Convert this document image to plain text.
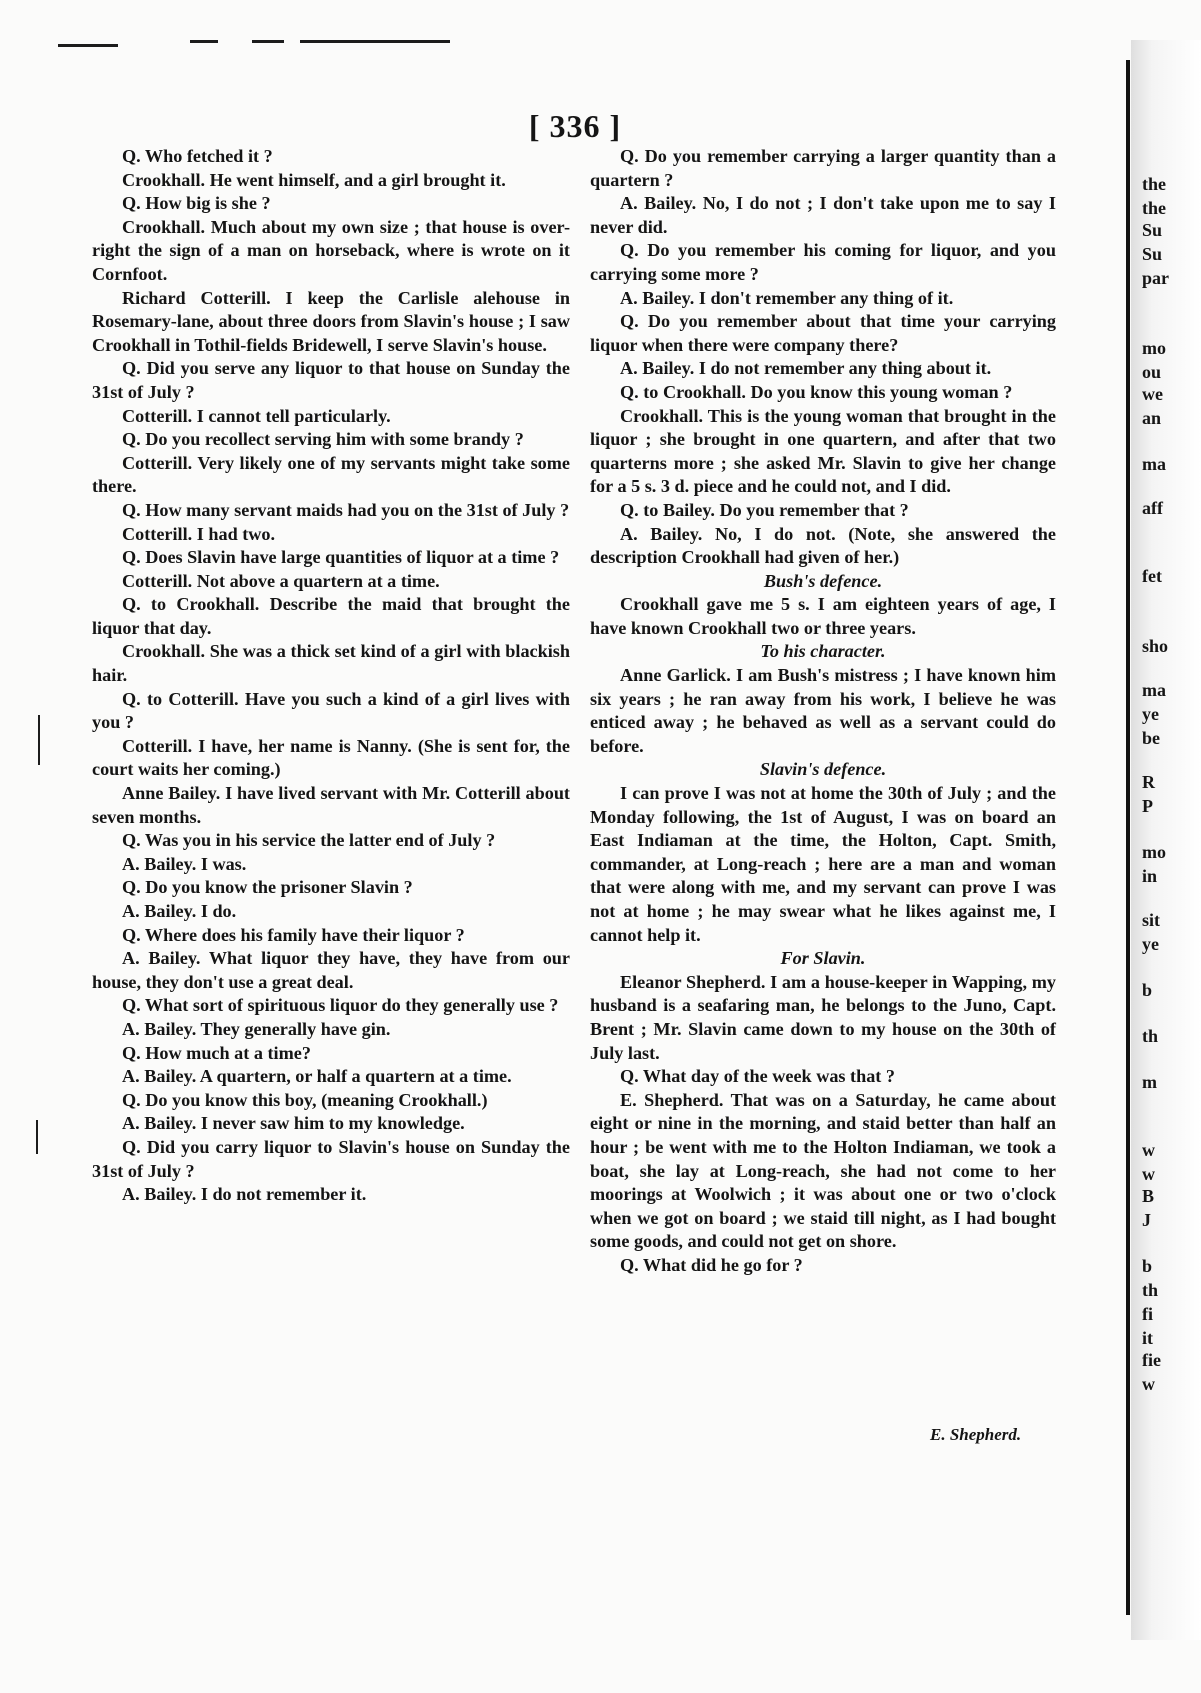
[ 336 ]

Q. Who fetched it ?

Crookhall. He went himself, and a girl brought it.

Q. How big is she ?

Crookhall. Much about my own size ; that house is over-right the sign of a man on horseback, where is wrote on it Cornfoot.

Richard Cotterill. I keep the Carlisle alehouse in Rosemary-lane, about three doors from Slavin's house ; I saw Crookhall in Tothil-fields Bridewell, I serve Slavin's house.

Q. Did you serve any liquor to that house on Sunday the 31st of July ?

Cotterill. I cannot tell particularly.

Q. Do you recollect serving him with some brandy ?

Cotterill. Very likely one of my servants might take some there.

Q. How many servant maids had you on the 31st of July ?

Cotterill. I had two.

Q. Does Slavin have large quantities of liquor at a time ?

Cotterill. Not above a quartern at a time.

Q. to Crookhall. Describe the maid that brought the liquor that day.

Crookhall. She was a thick set kind of a girl with blackish hair.

Q. to Cotterill. Have you such a kind of a girl lives with you ?

Cotterill. I have, her name is Nanny. (She is sent for, the court waits her coming.)

Anne Bailey. I have lived servant with Mr. Cotterill about seven months.

Q. Was you in his service the latter end of July ?

A. Bailey. I was.

Q. Do you know the prisoner Slavin ?

A. Bailey. I do.

Q. Where does his family have their liquor ?

A. Bailey. What liquor they have, they have from our house, they don't use a great deal.

Q. What sort of spirituous liquor do they generally use ?

A. Bailey. They generally have gin.

Q. How much at a time?

A. Bailey. A quartern, or half a quartern at a time.

Q. Do you know this boy, (meaning Crookhall.)

A. Bailey. I never saw him to my knowledge.

Q. Did you carry liquor to Slavin's house on Sunday the 31st of July ?

A. Bailey. I do not remember it.

Q. Do you remember carrying a larger quantity than a quartern ?

A. Bailey. No, I do not ; I don't take upon me to say I never did.

Q. Do you remember his coming for liquor, and you carrying some more ?

A. Bailey. I don't remember any thing of it.

Q. Do you remember about that time your carrying liquor when there were company there?

A. Bailey. I do not remember any thing about it.

Q. to Crookhall. Do you know this young woman ?

Crookhall. This is the young woman that brought in the liquor ; she brought in one quartern, and after that two quarterns more ; she asked Mr. Slavin to give her change for a 5 s. 3 d. piece and he could not, and I did.

Q. to Bailey. Do you remember that ?

A. Bailey. No, I do not. (Note, she answered the description Crookhall had given of her.)

Bush's defence.

Crookhall gave me 5 s. I am eighteen years of age, I have known Crookhall two or three years.

To his character.

Anne Garlick. I am Bush's mistress ; I have known him six years ; he ran away from his work, I believe he was enticed away ; he behaved as well as a servant could do before.

Slavin's defence.

I can prove I was not at home the 30th of July ; and the Monday following, the 1st of August, I was on board an East Indiaman at the time, the Holton, Capt. Smith, commander, at Long-reach ; here are a man and woman that were along with me, and my servant can prove I was not at home ; he may swear what he likes against me, I cannot help it.

For Slavin.

Eleanor Shepherd. I am a house-keeper in Wapping, my husband is a seafaring man, he belongs to the Juno, Capt. Brent ; Mr. Slavin came down to my house on the 30th of July last.

Q. What day of the week was that ?

E. Shepherd. That was on a Saturday, he came about eight or nine in the morning, and staid better than half an hour ; be went with me to the Holton Indiaman, we took a boat, she lay at Long-reach, she had not come to her moorings at Woolwich ; it was about one or two o'clock when we got on board ; we staid till night, as I had bought some goods, and could not get on shore.

Q. What did he go for ?

E. Shepherd.
the
the
Su
Su
par
mo
ou
we
an
ma
aff
fet
sho
ma
ye
be
R
P
mo
in
sit
ye
b
th
m
w
w
B
J
b
th
fi
it
fie
w
